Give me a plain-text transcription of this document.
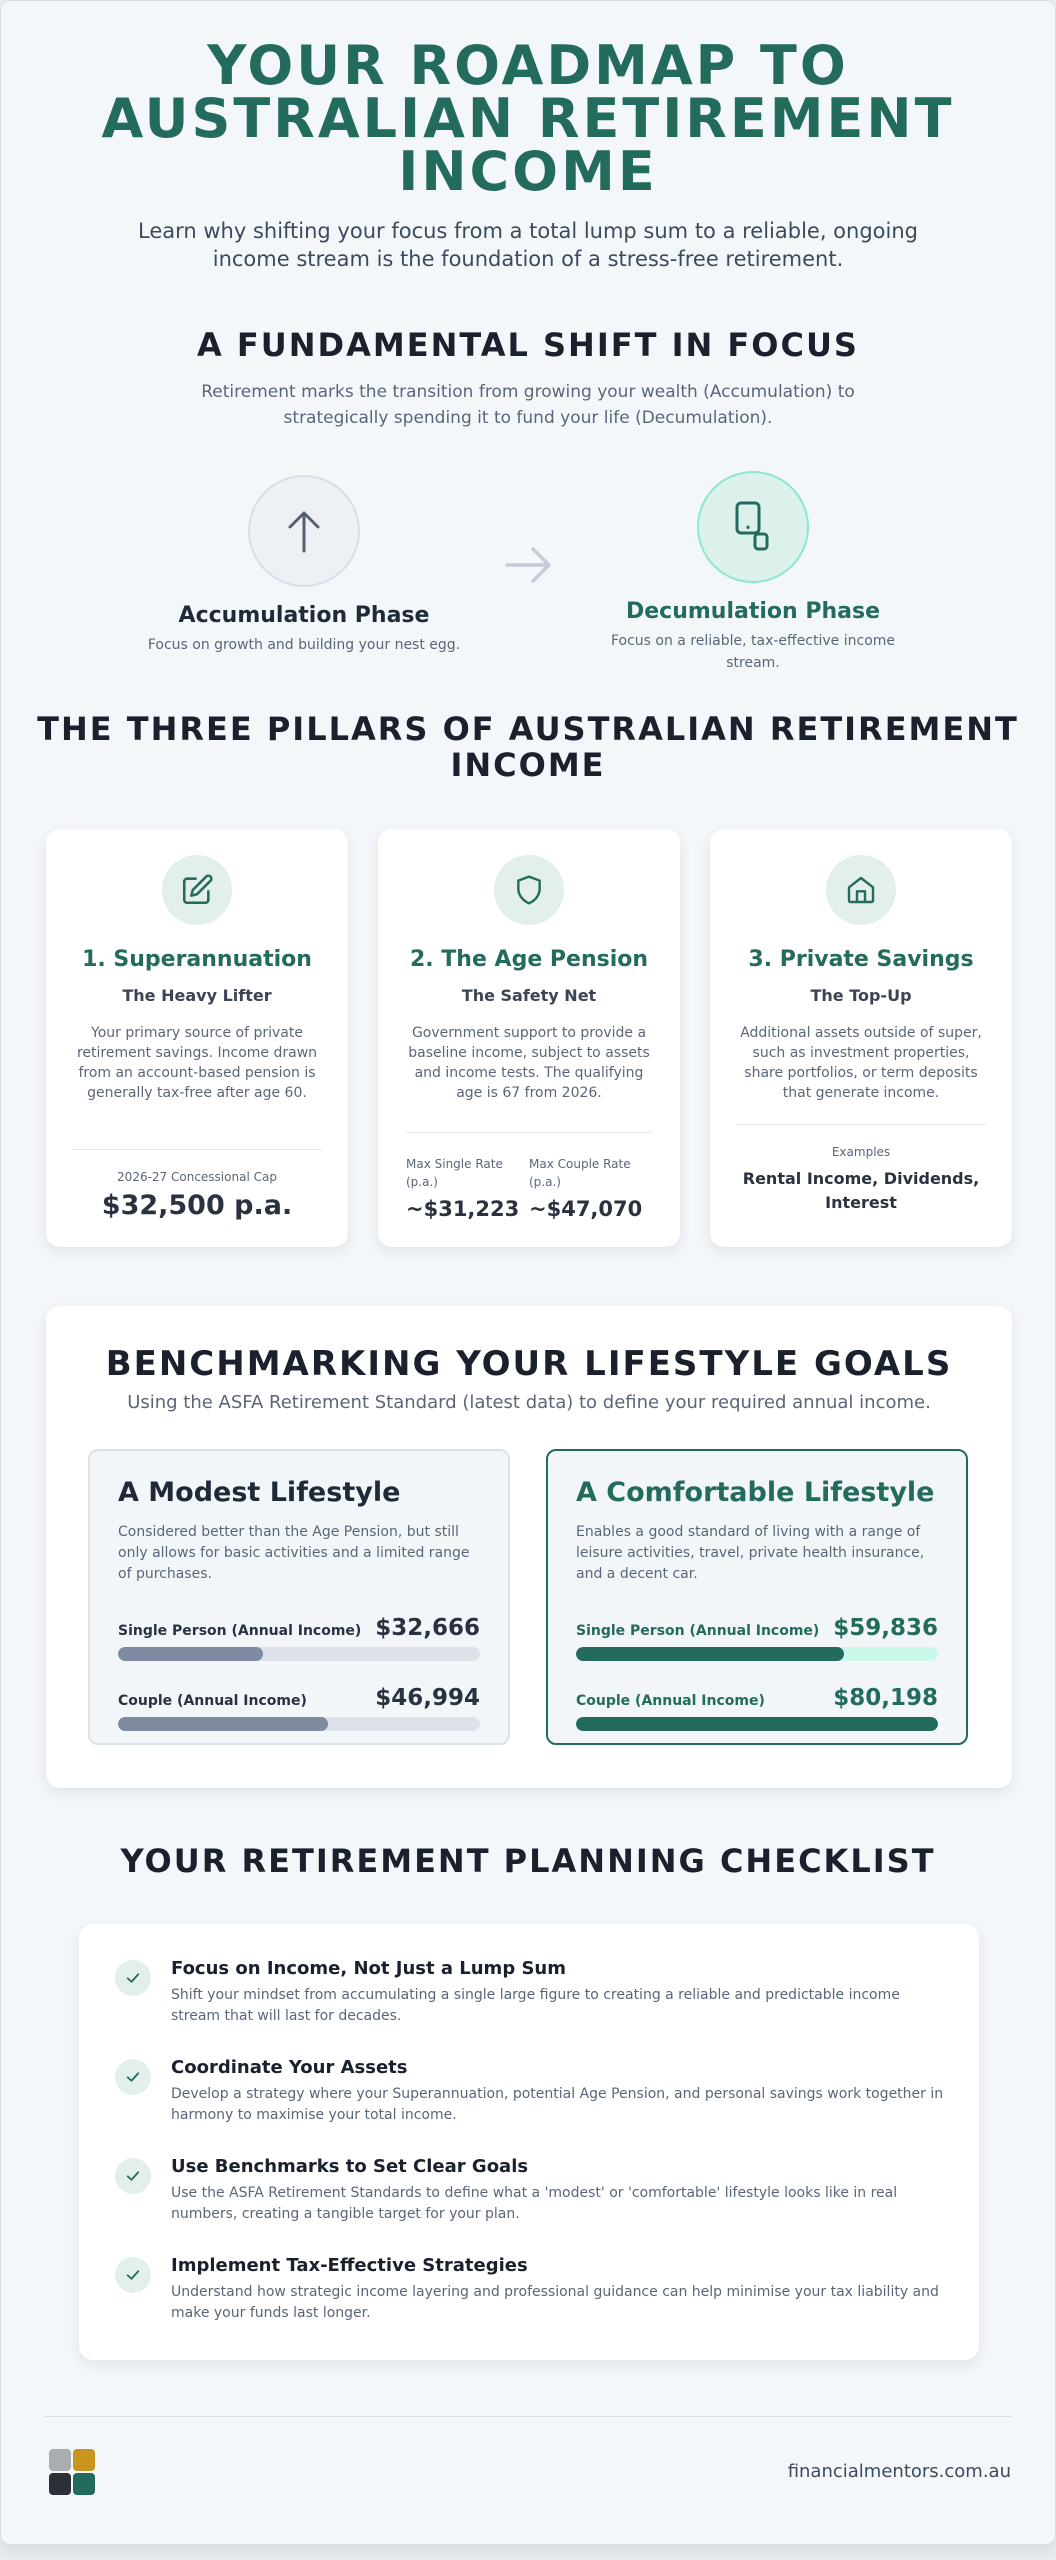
YOUR ROADMAP TO AUSTRALIAN RETIREMENT INCOME

Learn why shifting your focus from a total lump sum to a reliable, ongoing income stream is the foundation of a stress-free retirement.

A FUNDAMENTAL SHIFT IN FOCUS

Retirement marks the transition from growing your wealth (Accumulation) to strategically spending it to fund your life (Decumulation).

Accumulation Phase
Focus on growth and building your nest egg.
Decumulation Phase
Focus on a reliable, tax-effective income stream.
THE THREE PILLARS OF AUSTRALIAN RETIREMENT INCOME
1. Superannuation
The Heavy Lifter
Your primary source of private retirement savings. Income drawn from an account-based pension is generally tax-free after age 60.
2026-27 Concessional Cap
$32,500 p.a.
2. The Age Pension
The Safety Net
Government support to provide a baseline income, subject to assets and income tests. The qualifying age is 67 from 2026.
Max Single Rate (p.a.)
~$31,223
Max Couple Rate (p.a.)
~$47,070
3. Private Savings
The Top-Up
Additional assets outside of super, such as investment properties, share portfolios, or term deposits that generate income.
Examples
Rental Income, Dividends, Interest
BENCHMARKING YOUR LIFESTYLE GOALS

Using the ASFA Retirement Standard (latest data) to define your required annual income.

A Modest Lifestyle
Considered better than the Age Pension, but still only allows for basic activities and a limited range of purchases.
Single Person (Annual Income) $32,666
Couple (Annual Income)	$46,994
A Comfortable Lifestyle
Enables a good standard of living with a range of leisure activities, travel, private health insurance, and a decent car.
Single Person (Annual Income) $59,836
Couple (Annual Income)	$80,198
YOUR RETIREMENT PLANNING CHECKLIST
Focus on Income, Not Just a Lump Sum
Shift your mindset from accumulating a single large figure to creating a reliable and predictable income stream that will last for decades.
Coordinate Your Assets
Develop a strategy where your Superannuation, potential Age Pension, and personal savings work together in harmony to maximise your total income.
Use Benchmarks to Set Clear Goals
Use the ASFA Retirement Standards to define what a 'modest' or 'comfortable' lifestyle looks like in real numbers, creating a tangible target for your plan.
Implement Tax-Effective Strategies
Understand how strategic income layering and professional guidance can help minimise your tax liability and make your funds last longer.
financialmentors.com.au
